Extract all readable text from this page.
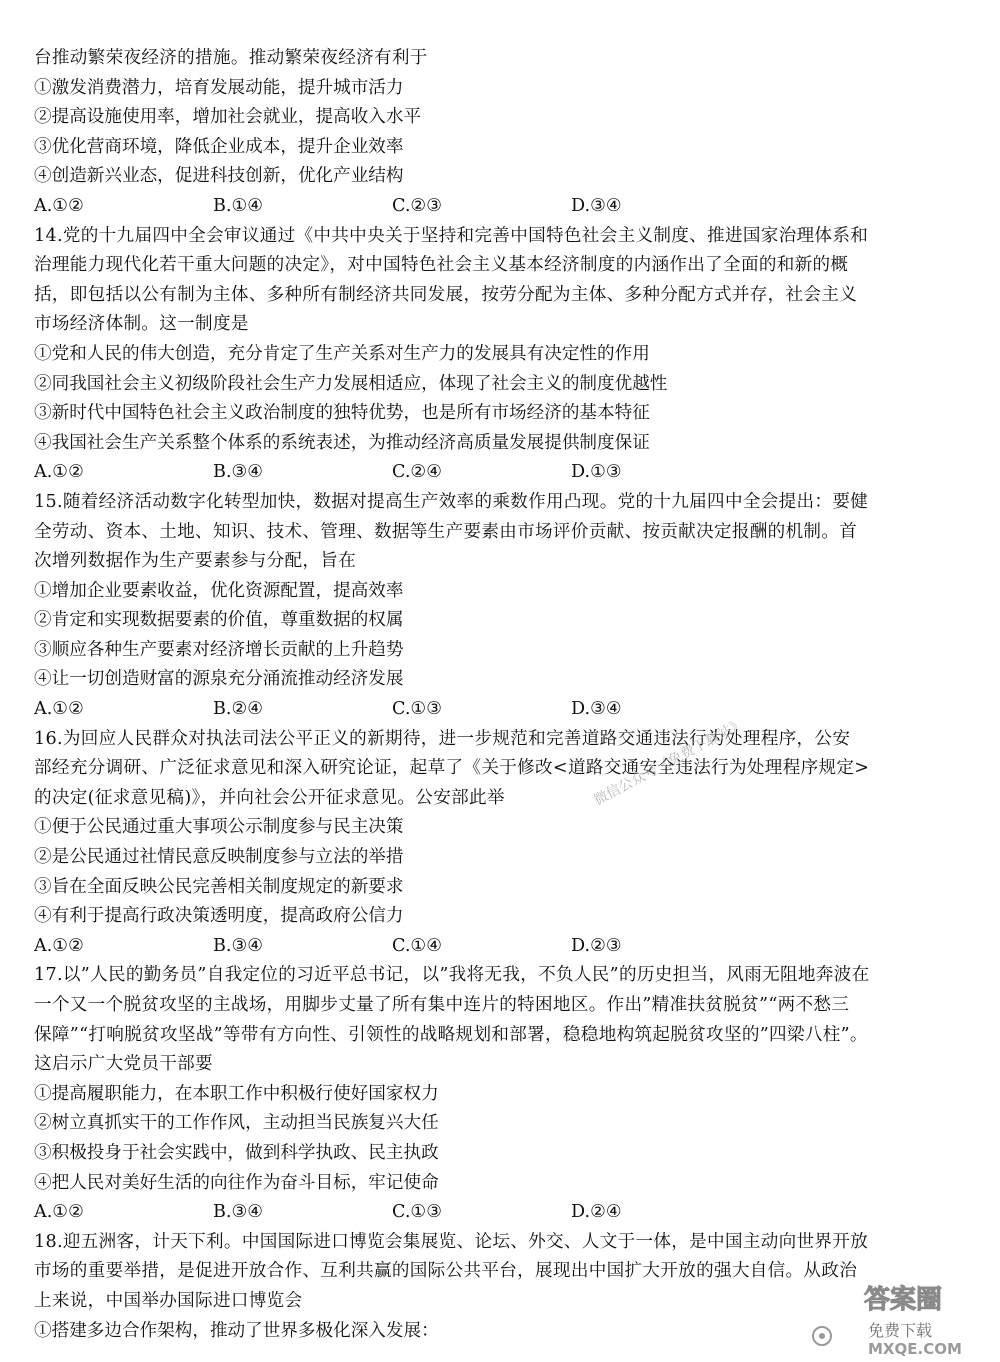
台推动繁荣夜经济的措施。推动繁荣夜经济有利于
①激发消费潜力，培育发展动能，提升城市活力
②提高设施使用率，增加社会就业，提高收入水平
③优化营商环境，降低企业成本，提升企业效率
④创造新兴业态，促进科技创新，优化产业结构
A.①②	B.①④	C.②③	D.③④
14.党的十九届四中全会审议通过《中共中央关于坚持和完善中国特色社会主义制度、推进国家治理体系和
治理能力现代化若干重大问题的决定》，对中国特色社会主义基本经济制度的内涵作出了全面的和新的概
括，即包括以公有制为主体、多种所有制经济共同发展，按劳分配为主体、多种分配方式并存，社会主义
市场经济体制。这一制度是
①党和人民的伟大创造，充分肯定了生产关系对生产力的发展具有决定性的作用
②同我国社会主义初级阶段社会生产力发展相适应，体现了社会主义的制度优越性
③新时代中国特色社会主义政治制度的独特优势，也是所有市场经济的基本特征
④我国社会生产关系整个体系的系统表述，为推动经济高质量发展提供制度保证
A.①②	B.③④	C.②④	D.①③
15.随着经济活动数字化转型加快，数据对提高生产效率的乘数作用凸现。党的十九届四中全会提出：要健
全劳动、资本、土地、知识、技术、管理、数据等生产要素由市场评价贡献、按贡献决定报酬的机制。首
次增列数据作为生产要素参与分配，旨在
①增加企业要素收益，优化资源配置，提高效率
②肯定和实现数据要素的价值，尊重数据的权属
③顺应各种生产要素对经济增长贡献的上升趋势
④让一切创造财富的源泉充分涌流推动经济发展
A.①②	B.②④	C.①③	D.③④
16.为回应人民群众对执法司法公平正义的新期待，进一步规范和完善道路交通违法行为处理程序，公安
部经充分调研、广泛征求意见和深入研究论证，起草了《关于修改<道路交通安全违法行为处理程序规定>
的决定(征求意见稿)》，并向社会公开征求意见。公安部此举
①便于公民通过重大事项公示制度参与民主决策
②是公民通过社情民意反映制度参与立法的举措
③旨在全面反映公民完善相关制度规定的新要求
④有利于提高行政决策透明度，提高政府公信力
A.①②	B.③④	C.①④	D.②③
17.以”人民的勤务员”自我定位的习近平总书记，以”我将无我，不负人民”的历史担当，风雨无阻地奔波在
一个又一个脱贫攻坚的主战场，用脚步丈量了所有集中连片的特困地区。作出”精准扶贫脱贫”“两不愁三
保障”“打响脱贫攻坚战”等带有方向性、引领性的战略规划和部署，稳稳地构筑起脱贫攻坚的”四梁八柱”。
这启示广大党员干部要
①提高履职能力，在本职工作中积极行使好国家权力
②树立真抓实干的工作作风，主动担当民族复兴大任
③积极投身于社会实践中，做到科学执政、民主执政
④把人民对美好生活的向往作为奋斗目标，牢记使命
A.①②	B.③④	C.①③	D.②④
18.迎五洲客，计天下利。中国国际进口博览会集展览、论坛、外交、人文于一体，是中国主动向世界开放
市场的重要举措，是促进开放合作、互利共赢的国际公共平台，展现出中国扩大开放的强大自信。从政治
上来说，中国举办国际进口博览会
①搭建多边合作架构，推动了世界多极化深入发展：
微信公众号《免费下载站》
答案圈
免费下载
MXQE.COM
